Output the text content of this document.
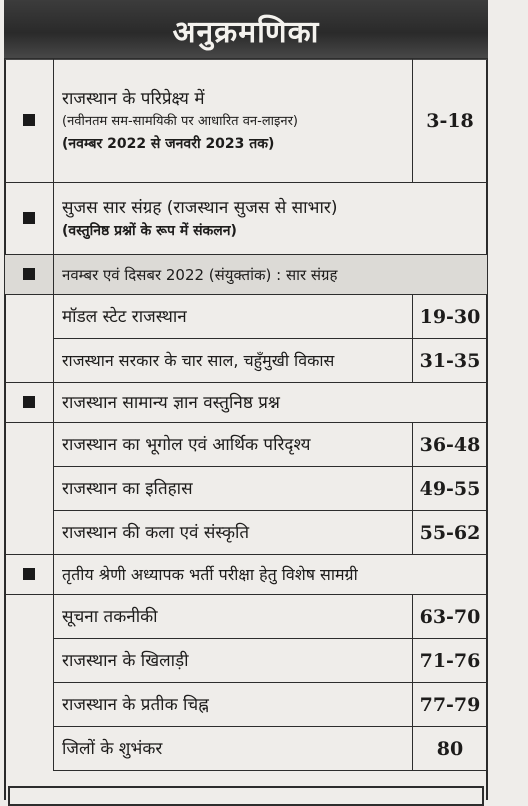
अनुक्रमणिका

	राजस्थान के परिप्रेक्ष्य में
(नवीनतम सम-सामयिकी पर आधारित वन-लाइनर)
(नवम्बर 2022 से जनवरी 2023 तक)	3-18

	सुजस सार संग्रह (राजस्थान सुजस से साभार)
(वस्तुनिष्ठ प्रश्नों के रूप में संकलन)	

	नवम्बर एवं दिसबर 2022 (संयुक्तांक) : सार संग्रह	
	मॉडल स्टेट राजस्थान	19-30
	राजस्थान सरकार के चार साल, चहुँमुखी विकास	31-35
	राजस्थान सामान्य ज्ञान वस्तुनिष्ठ प्रश्न	
	राजस्थान का भूगोल एवं आर्थिक परिदृश्य	36-48
	राजस्थान का इतिहास	49-55
	राजस्थान की कला एवं संस्कृति	55-62
	तृतीय श्रेणी अध्यापक भर्ती परीक्षा हेतु विशेष सामग्री	
	सूचना तकनीकी	63-70
	राजस्थान के खिलाड़ी	71-76
	राजस्थान के प्रतीक चिह्न	77-79
	जिलों के शुभंकर	80
